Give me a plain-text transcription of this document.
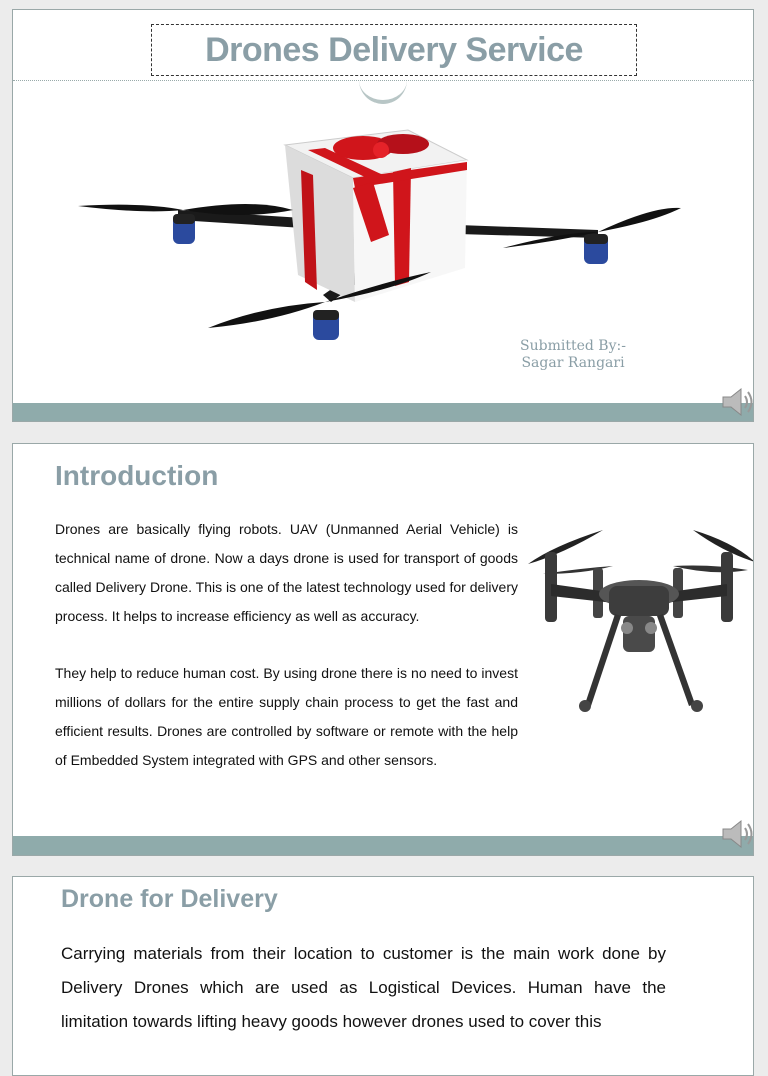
Drones Delivery Service
Submitted By:-
Sagar Rangari
Introduction

Drones are basically flying robots. UAV (Unmanned Aerial Vehicle) is technical name of drone. Now a days drone is used for transport of goods called Delivery Drone. This is one of the latest technology used for delivery process. It helps to increase efficiency as well as accuracy.

They help to reduce human cost. By using drone there is no need to invest millions of dollars for the entire supply chain process to get the fast and efficient results. Drones are controlled by software or remote with the help of Embedded System integrated with GPS and other sensors.

Drone for Delivery

Carrying materials from their location to customer is the main work done by Delivery Drones which are used as Logistical Devices. Human have the limitation towards lifting heavy goods however drones used to cover this
